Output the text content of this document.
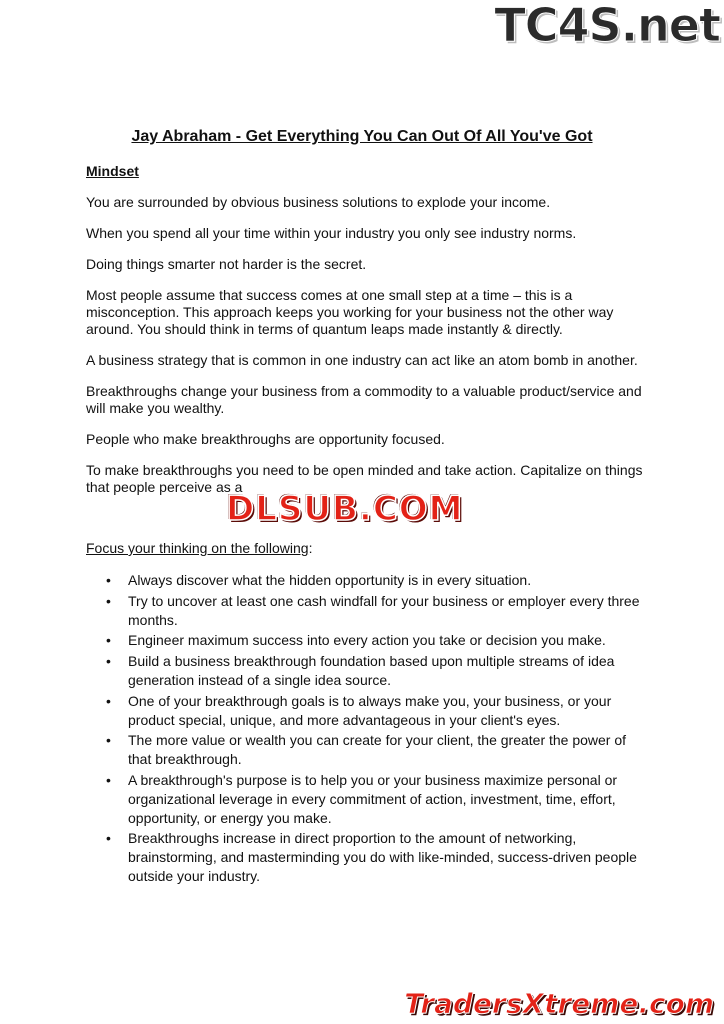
TC4S.net
Jay Abraham - Get Everything You Can Out Of All You've Got
Mindset

You are surrounded by obvious business solutions to explode your income.

When you spend all your time within your industry you only see industry norms.

Doing things smarter not harder is the secret.

Most people assume that success comes at one small step at a time – this is a misconception. This approach keeps you working for your business not the other way around. You should think in terms of quantum leaps made instantly & directly.

A business strategy that is common in one industry can act like an atom bomb in another.

Breakthroughs change your business from a commodity to a valuable product/service and will make you wealthy.

People who make breakthroughs are opportunity focused.

To make breakthroughs you need to be open minded and take action. Capitalize on things that people perceive as a

Focus your thinking on the following:
• Always discover what the hidden opportunity is in every situation.
• Try to uncover at least one cash windfall for your business or employer every three months.
• Engineer maximum success into every action you take or decision you make.
• Build a business breakthrough foundation based upon multiple streams of idea generation instead of a single idea source.
• One of your breakthrough goals is to always make you, your business, or your product special, unique, and more advantageous in your client's eyes.
• The more value or wealth you can create for your client, the greater the power of that breakthrough.
• A breakthrough's purpose is to help you or your business maximize personal or organizational leverage in every commitment of action, investment, time, effort, opportunity, or energy you make.
• Breakthroughs increase in direct proportion to the amount of networking, brainstorming, and masterminding you do with like-minded, success-driven people outside your industry.
DLSUB.COM
TradersXtreme.com
